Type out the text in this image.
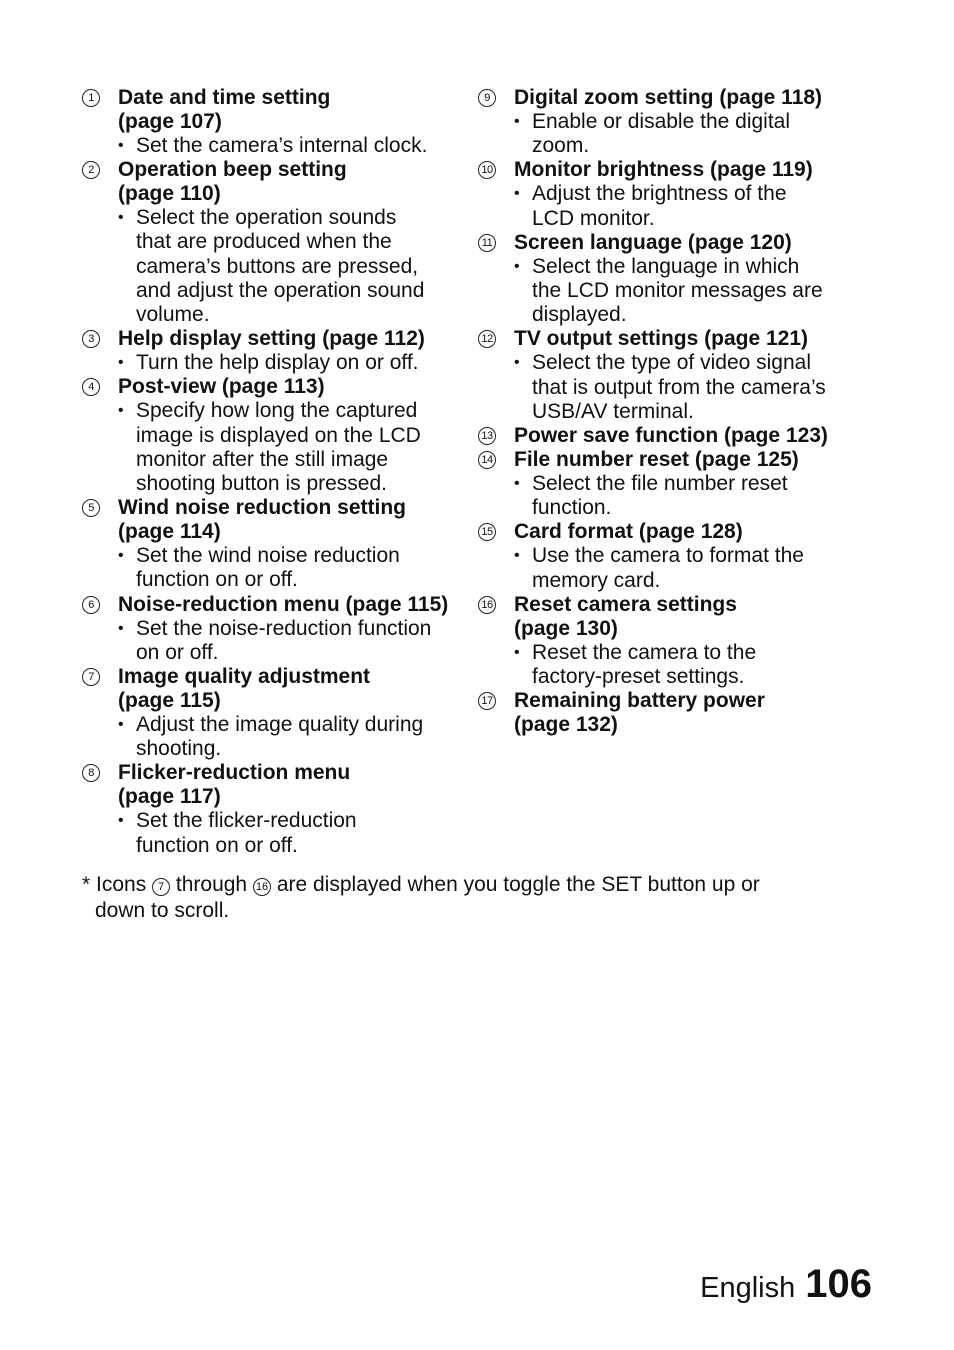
1 Date and time setting
(page 107)
• Set the camera’s internal clock.
2 Operation beep setting
(page 110)
• Select the operation sounds
that are produced when the
camera’s buttons are pressed,
and adjust the operation sound
volume.
3 Help display setting (page 112)
• Turn the help display on or off.
4 Post-view (page 113)
• Specify how long the captured
image is displayed on the LCD
monitor after the still image
shooting button is pressed.
5 Wind noise reduction setting
(page 114)
• Set the wind noise reduction
function on or off.
6 Noise-reduction menu (page 115)
• Set the noise-reduction function
on or off.
7 Image quality adjustment
(page 115)
• Adjust the image quality during
shooting.
8 Flicker-reduction menu
(page 117)
• Set the flicker-reduction
function on or off.
9 Digital zoom setting (page 118)
• Enable or disable the digital
zoom.
10 Monitor brightness (page 119)
• Adjust the brightness of the
LCD monitor.
11 Screen language (page 120)
• Select the language in which
the LCD monitor messages are
displayed.
12 TV output settings (page 121)
• Select the type of video signal
that is output from the camera’s
USB/AV terminal.
13 Power save function (page 123)
14 File number reset (page 125)
• Select the file number reset
function.
15 Card format (page 128)
• Use the camera to format the
memory card.
16 Reset camera settings
(page 130)
• Reset the camera to the
factory-preset settings.
17 Remaining battery power
(page 132)
* Icons 7 through 16 are displayed when you toggle the SET button up or
down to scroll.
English 106
